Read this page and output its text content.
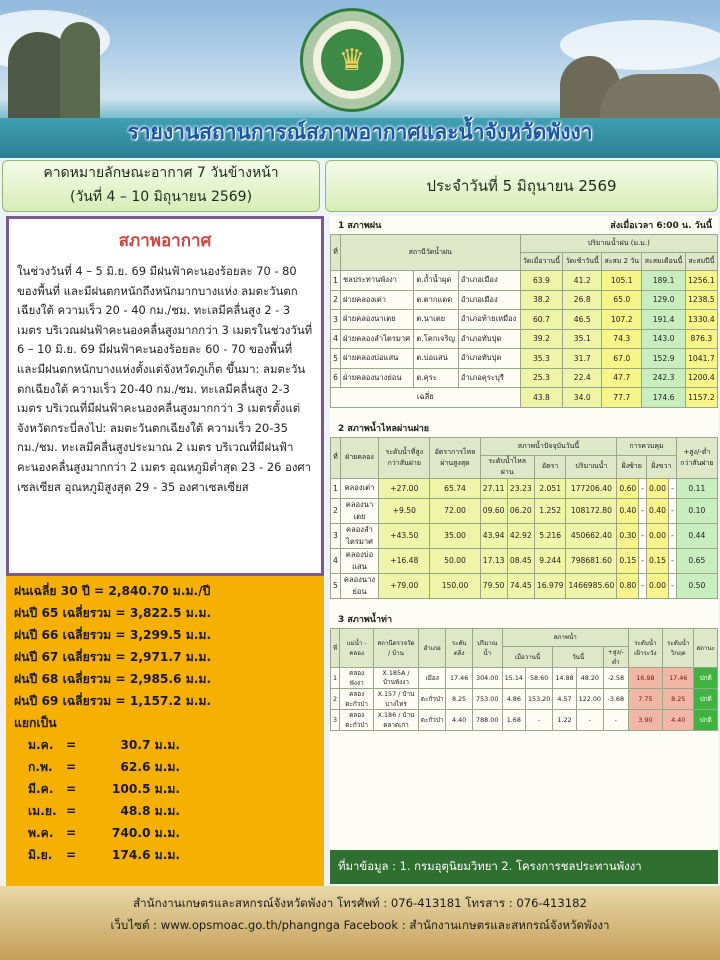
♛
รายงานสถานการณ์สภาพอากาศและน้ำจังหวัดพังงา
คาดหมายลักษณะอากาศ 7 วันข้างหน้า
(วันที่ 4 – 10 มิถุนายน 2569)
ประจำวันที่ 5 มิถุนายน 2569
สภาพอากาศ

ในช่วงวันที่ 4 – 5 มิ.ย. 69 มีฝนฟ้าคะนองร้อยละ 70 - 80 ของพื้นที่ และมีฝนตกหนักถึงหนักมากบางแห่ง ลมตะวันตกเฉียงใต้ ความเร็ว 20 - 40 กม./ชม. ทะเลมีคลื่นสูง 2 - 3 เมตร บริเวณฝนฟ้าคะนองคลื่นสูงมากกว่า 3 เมตรในช่วงวันที่ 6 – 10 มิ.ย. 69 มีฝนฟ้าคะนองร้อยละ 60 - 70 ของพื้นที่ และมีฝนตกหนักบางแห่งตั้งแต่จังหวัดภูเก็ต ขึ้นมา: ลมตะวันตกเฉียงใต้ ความเร็ว 20-40 กม./ชม. ทะเลมีคลื่นสูง 2-3 เมตร บริเวณที่มีฝนฟ้าคะนองคลื่นสูงมากกว่า 3 เมตรตั้งแต่จังหวัดกระบี่ลงไป: ลมตะวันตกเฉียงใต้ ความเร็ว 20-35 กม./ชม. ทะเลมีคลื่นสูงประมาณ 2 เมตร บริเวณที่มีฝนฟ้าคะนองคลื่นสูงมากกว่า 2 เมตร อุณหภูมิต่ำสุด 23 - 26 องศาเซลเซียส อุณหภูมิสูงสุด 29 - 35 องศาเซลเซียส

ฝนเฉลี่ย 30 ปี = 2,840.70 ม.ม./ปี
ฝนปี 65 เฉลี่ยรวม = 3,822.5 ม.ม.
ฝนปี 66 เฉลี่ยรวม = 3,299.5 ม.ม.
ฝนปี 67 เฉลี่ยรวม = 2,971.7 ม.ม.
ฝนปี 68 เฉลี่ยรวม = 2,985.6 ม.ม.
ฝนปี 69 เฉลี่ยรวม = 1,157.2 ม.ม.
แยกเป็น
ม.ค.	=	30.7 ม.ม.
ก.พ.	=	62.6 ม.ม.
มี.ค.	=	100.5 ม.ม.
เม.ย. =	48.8 ม.ม.
พ.ค.	=	740.0 ม.ม.
มิ.ย.	=	174.6 ม.ม.
1 สภาพฝน	ส่งเมื่อเวลา 6:00 น. วันนี้
ที่	สถานีวัดน้ำฝน			ปริมาณน้ำฝน (ม.ม.)				
				วัดเมื่อวานนี้	วัดเช้าวันนี้	สะสม 2 วัน	สะสมเดือนนี้	สะสมปีนี้
1	ชลประทานพังงา	ต.ถ้ำน้ำผุด	อำเภอเมือง	63.9	41.2	105.1	189.1	1256.1
2	ฝายคลองเต่า	ต.ตากแดด	อำเภอเมือง	38.2	26.8	65.0	129.0	1238.5
3	ฝ่ายคลองนาเตย	ต.นาเตย	อำเภอท้ายเหมือง	60.7	46.5	107.2	191.4	1330.4
4	ฝ่ายคลองลำไตรมาศ	ต.โคกเจริญ	อำเภอทับปุด	39.2	35.1	74.3	143.0	876.3
5	ฝายคลองบ่อแสน	ต.บ่อแสน	อำเภอทับปุด	35.3	31.7	67.0	152.9	1041.7
6	ฝ่ายคลองนางย่อน	ต.คุระ	อำเภอคุระบุรี	25.3	22.4	47.7	242.3	1200.4
เฉลี่ย				43.8	34.0	77.7	174.6	1157.2
2 สภาพน้ำไหลผ่านฝาย
ที่	ฝ่ายคลอง	ระดับน้ำที่สูงกว่าสันฝาย	อัตราการไหลผ่านสูงสุด	สภาพน้ำปัจจุบันวันนี้				การควบคุม				+สูง/-ต่ำกว่าสันฝาย
				ระดับน้ำไหลผ่าน		อัตรา	ปริมาณน้ำ	ฝั่งซ้าย		ฝั่งขวา		
1	คลองเต่า	+27.00	65.74	27.11	23.23	2.051	177206.40	0.60	-	0.00	-	0.11
2	คลองนาเตย	+9.50	72.00	09.60	06.20	1.252	108172.80	0.40	-	0.40	-	0.10
3	คลองลำไตรมาศ	+43.50	35.00	43.94	42.92	5.216	450662.40	0.30	-	0.00	-	0.44
4	คลองบ่อแสน	+16.48	50.00	17.13	08.45	9.244	798681.60	0.15	-	0.15	-	0.65
5	คลองนางย่อน	+79.00	150.00	79.50	74.45	16.979	1466985.60	0.80	-	0.00	-	0.50
3 สภาพน้ำท่า
ที่	แม่น้ำ - คลอง	สถานีตรวจวัด / บ้าน	อำเภอ	ระดับตลิ่ง	ปริมาณน้ำ	สภาพน้ำ					ระดับน้ำเฝ้าระวัง	ระดับน้ำวิกฤต	สถานะ
						เมื่อวานนี้		วันนี้		+สูง/-ต่ำ			
1	คลองพังงา	X.185A / บ้านพังงา	เมือง	17.46	304.00	15.14	58.60	14.88	48.20	-2.58	16.98	17.46	ปกติ
2	คลองตะกั่วป่า	X.157 / บ้านบางไทร	ตะกั่วป่า	8.25	753.00	4.86	153.20	4.57	122.00	-3.68	7.75	8.25	ปกติ
3	คลองตะกั่วป่า	X.186 / บ้านตลาดเก่า	ตะกั่วป่า	4.40	788.00	1.68	-	1.22	-	-	3.90	4.40	ปกติ
ที่มาข้อมูล : 1. กรมอุตุนิยมวิทยา 2. โครงการชลประทานพังงา
สำนักงานเกษตรและสหกรณ์จังหวัดพังงา โทรศัพท์ : 076-413181 โทรสาร : 076-413182
เว็บไซต์ : www.opsmoac.go.th/phangnga Facebook : สำนักงานเกษตรและสหกรณ์จังหวัดพังงา
